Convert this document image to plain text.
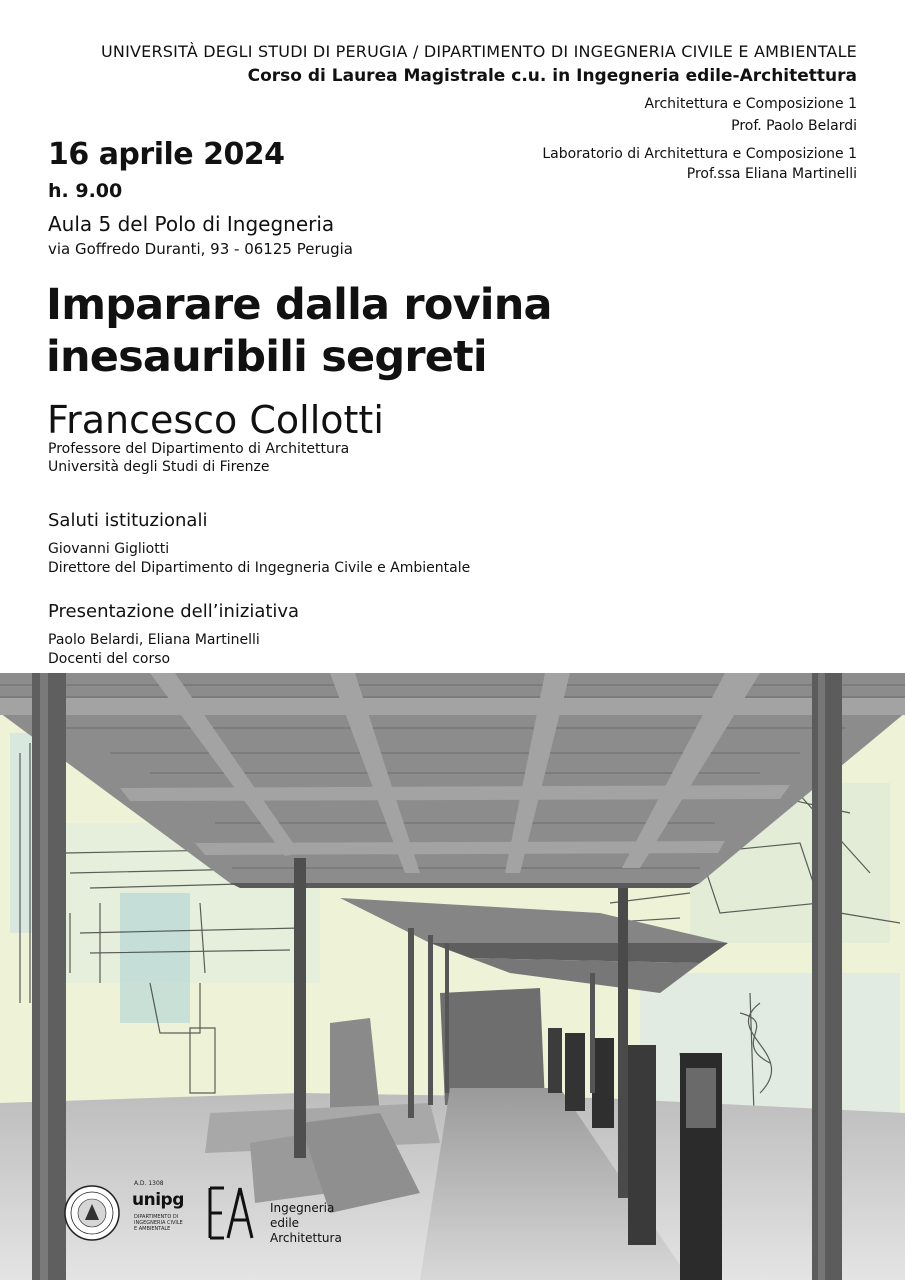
UNIVERSITÀ DEGLI STUDI DI PERUGIA / DIPARTIMENTO DI INGEGNERIA CIVILE E AMBIENTALE
Corso di Laurea Magistrale c.u. in Ingegneria edile-Architettura
Architettura e Composizione 1
Prof. Paolo Belardi
Laboratorio di Architettura e Composizione 1
Prof.ssa Eliana Martinelli
16 aprile 2024
h. 9.00
Aula 5 del Polo di Ingegneria
via Goffredo Duranti, 93 - 06125 Perugia
Imparare dalla rovina
inesauribili segreti
Francesco Collotti
Professore del Dipartimento di Architettura
Università degli Studi di Firenze
Saluti istituzionali
Giovanni Gigliotti
Direttore del Dipartimento di Ingegneria Civile e Ambientale
Presentazione dell’iniziativa
Paolo Belardi, Eliana Martinelli
Docenti del corso
A.D. 1308
unipg
DIPARTIMENTO DI INGEGNERIA CIVILE E AMBIENTALE
Ingegneria
edile
Architettura
